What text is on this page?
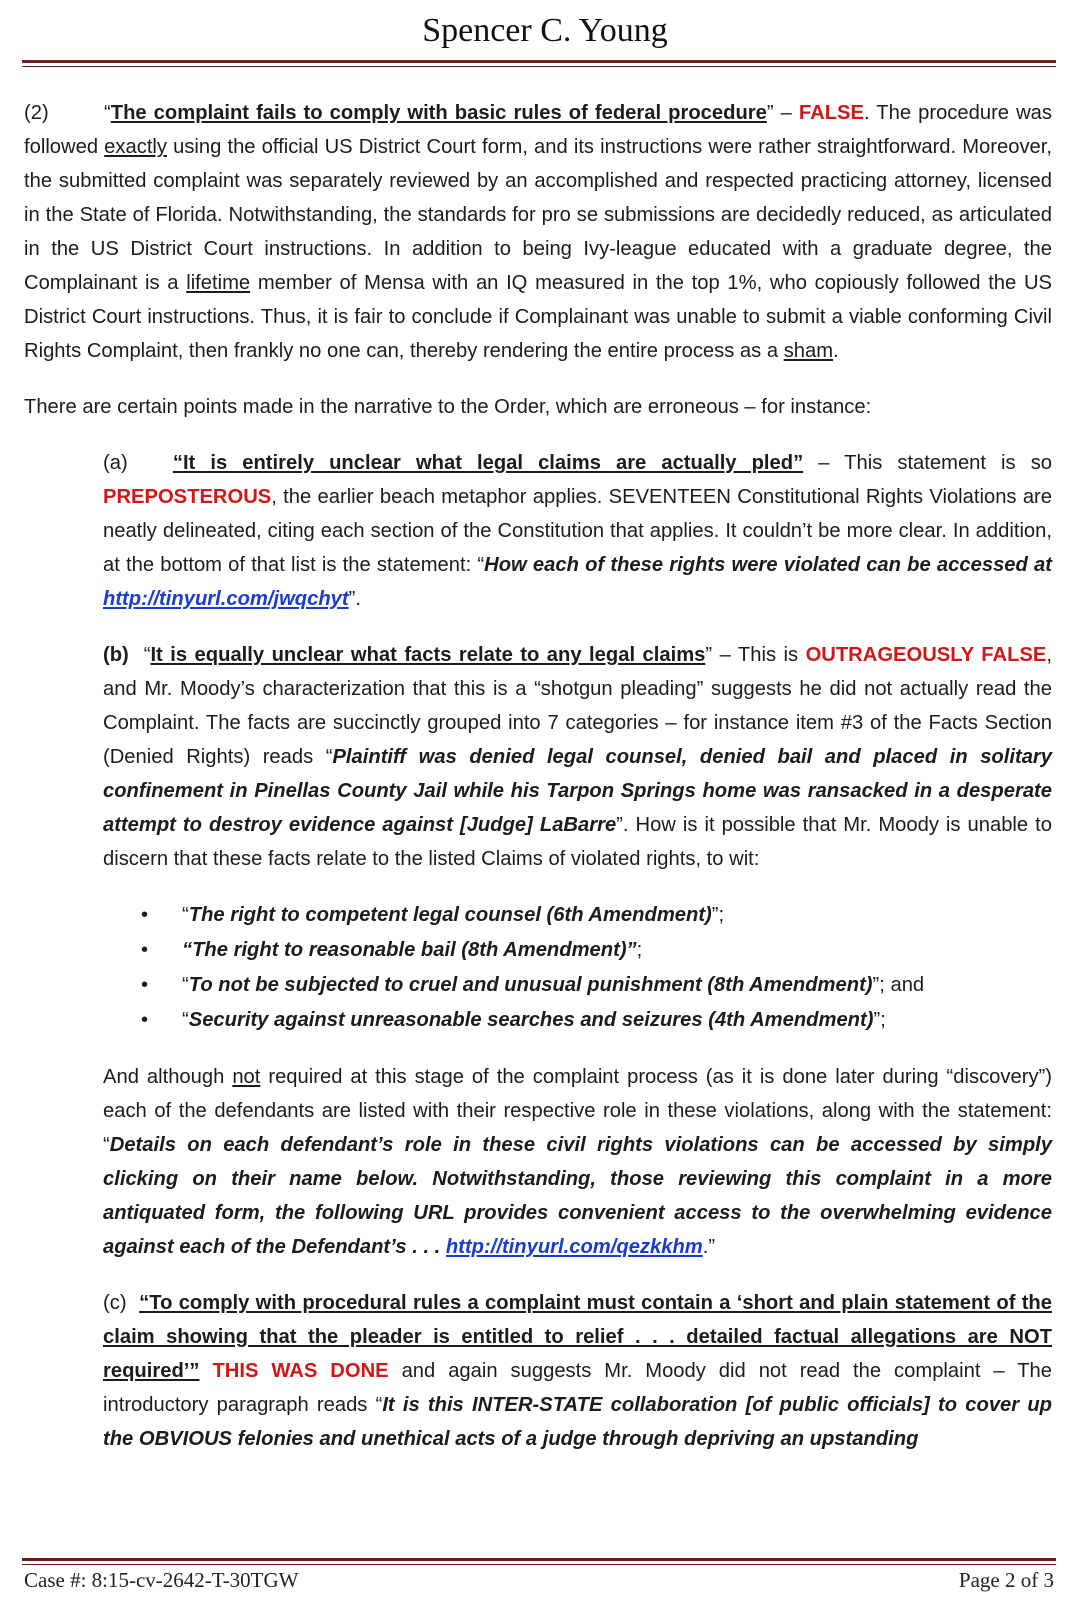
Spencer C. Young

(2)	“The complaint fails to comply with basic rules of federal procedure” – FALSE. The procedure was followed exactly using the official US District Court form, and its instructions were rather straightforward. Moreover, the submitted complaint was separately reviewed by an accomplished and respected practicing attorney, licensed in the State of Florida. Notwithstanding, the standards for pro se submissions are decidedly reduced, as articulated in the US District Court instructions. In addition to being Ivy-league educated with a graduate degree, the Complainant is a lifetime member of Mensa with an IQ measured in the top 1%, who copiously followed the US District Court instructions. Thus, it is fair to conclude if Complainant was unable to submit a viable conforming Civil Rights Complaint, then frankly no one can, thereby rendering the entire process as a sham.

There are certain points made in the narrative to the Order, which are erroneous – for instance:

(a)   “It is entirely unclear what legal claims are actually pled” – This statement is so PREPOSTEROUS, the earlier beach metaphor applies. SEVENTEEN Constitutional Rights Violations are neatly delineated, citing each section of the Constitution that applies. It couldn’t be more clear. In addition, at the bottom of that list is the statement: “How each of these rights were violated can be accessed at http://tinyurl.com/jwqchyt”.

(b)  “It is equally unclear what facts relate to any legal claims” – This is OUTRAGEOUSLY FALSE, and Mr. Moody’s characterization that this is a “shotgun pleading” suggests he did not actually read the Complaint. The facts are succinctly grouped into 7 categories – for instance item #3 of the Facts Section (Denied Rights) reads “Plaintiff was denied legal counsel, denied bail and placed in solitary confinement in Pinellas County Jail while his Tarpon Springs home was ransacked in a desperate attempt to destroy evidence against [Judge] LaBarre”. How is it possible that Mr. Moody is unable to discern that these facts relate to the listed Claims of violated rights, to wit:

• “The right to competent legal counsel (6th Amendment)”;
• “The right to reasonable bail (8th Amendment)”;
• “To not be subjected to cruel and unusual punishment (8th Amendment)”; and
• “Security against unreasonable searches and seizures (4th Amendment)”;

And although not required at this stage of the complaint process (as it is done later during “discovery”) each of the defendants are listed with their respective role in these violations, along with the statement: “Details on each defendant’s role in these civil rights violations can be accessed by simply clicking on their name below. Notwithstanding, those reviewing this complaint in a more antiquated form, the following URL provides convenient access to the overwhelming evidence against each of the Defendant’s . . . http://tinyurl.com/qezkkhm.”

(c)  “To comply with procedural rules a complaint must contain a ‘short and plain statement of the claim showing that the pleader is entitled to relief . . . detailed factual allegations are NOT required’” THIS WAS DONE and again suggests Mr. Moody did not read the complaint – The introductory paragraph reads “It is this INTER-STATE collaboration [of public officials] to cover up the OBVIOUS felonies and unethical acts of a judge through depriving an upstanding

Case #: 8:15-cv-2642-T-30TGW	Page 2 of 3
